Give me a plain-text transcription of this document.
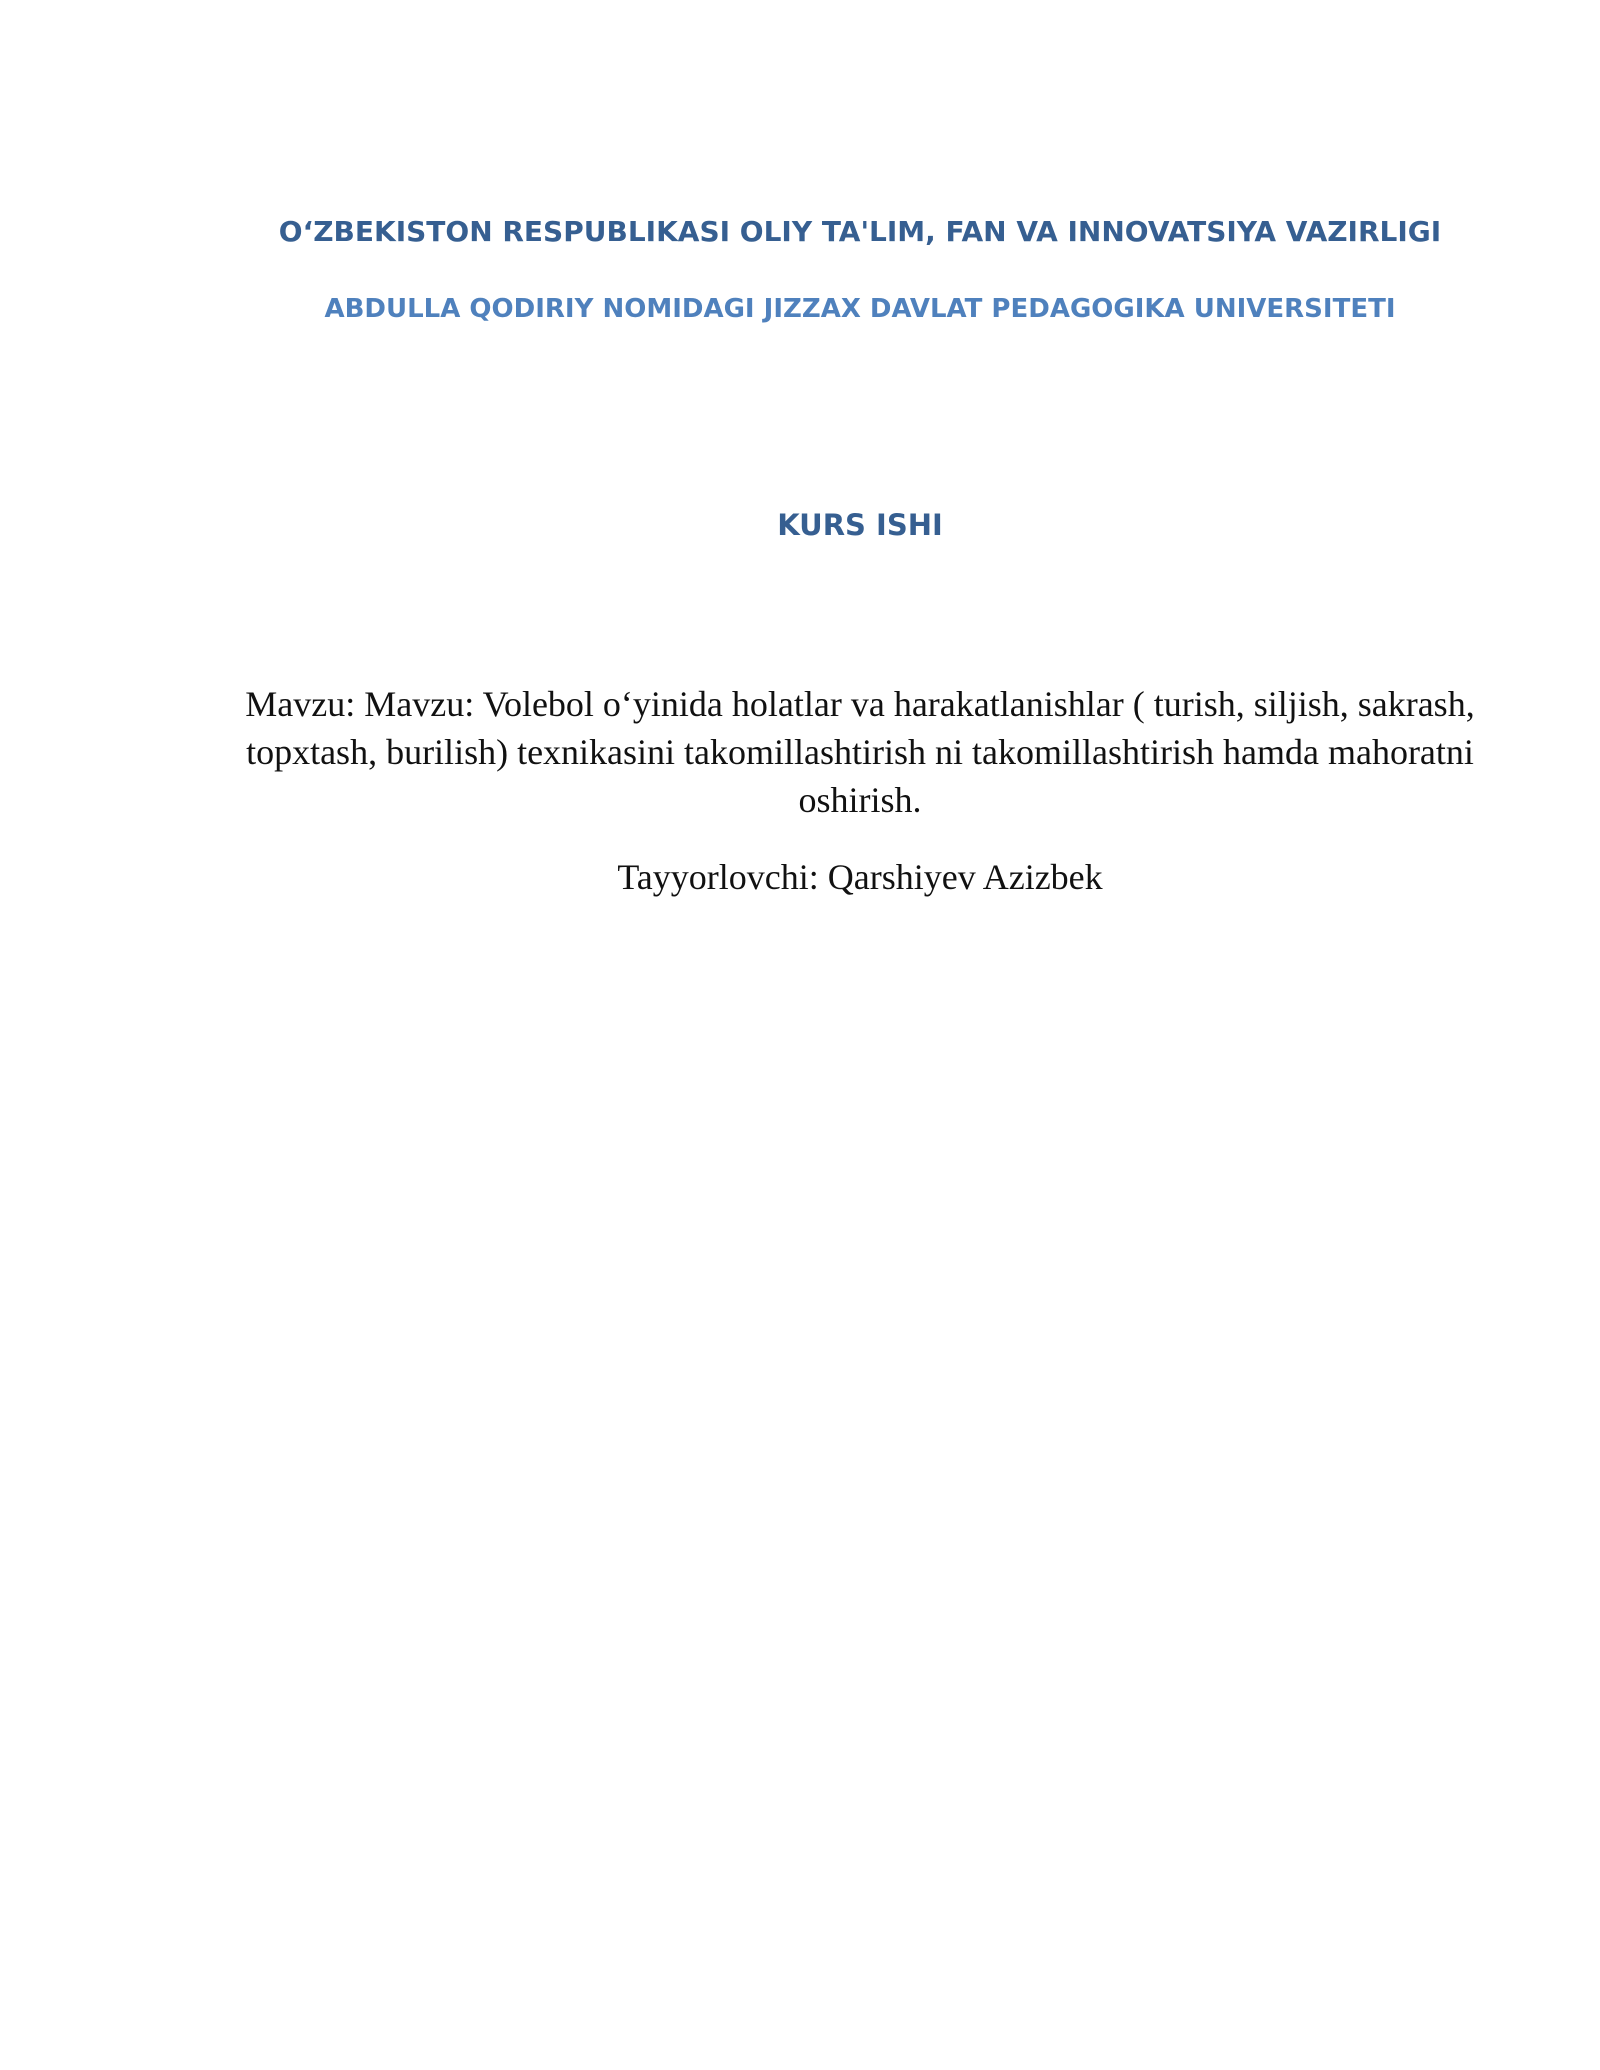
O‘ZBEKISTON RESPUBLIKASI OLIY TA'LIM, FAN VA INNOVATSIYA VAZIRLIGI
ABDULLA QODIRIY NOMIDAGI JIZZAX DAVLAT PEDAGOGIKA UNIVERSITETI
KURS ISHI
Mavzu: Mavzu: Volebol o‘yinida holatlar va harakatlanishlar ( turish, siljish, sakrash, topxtash, burilish) texnikasini takomillashtirish ni takomillashtirish hamda mahoratni oshirish.
Tayyorlovchi: Qarshiyev Azizbek
